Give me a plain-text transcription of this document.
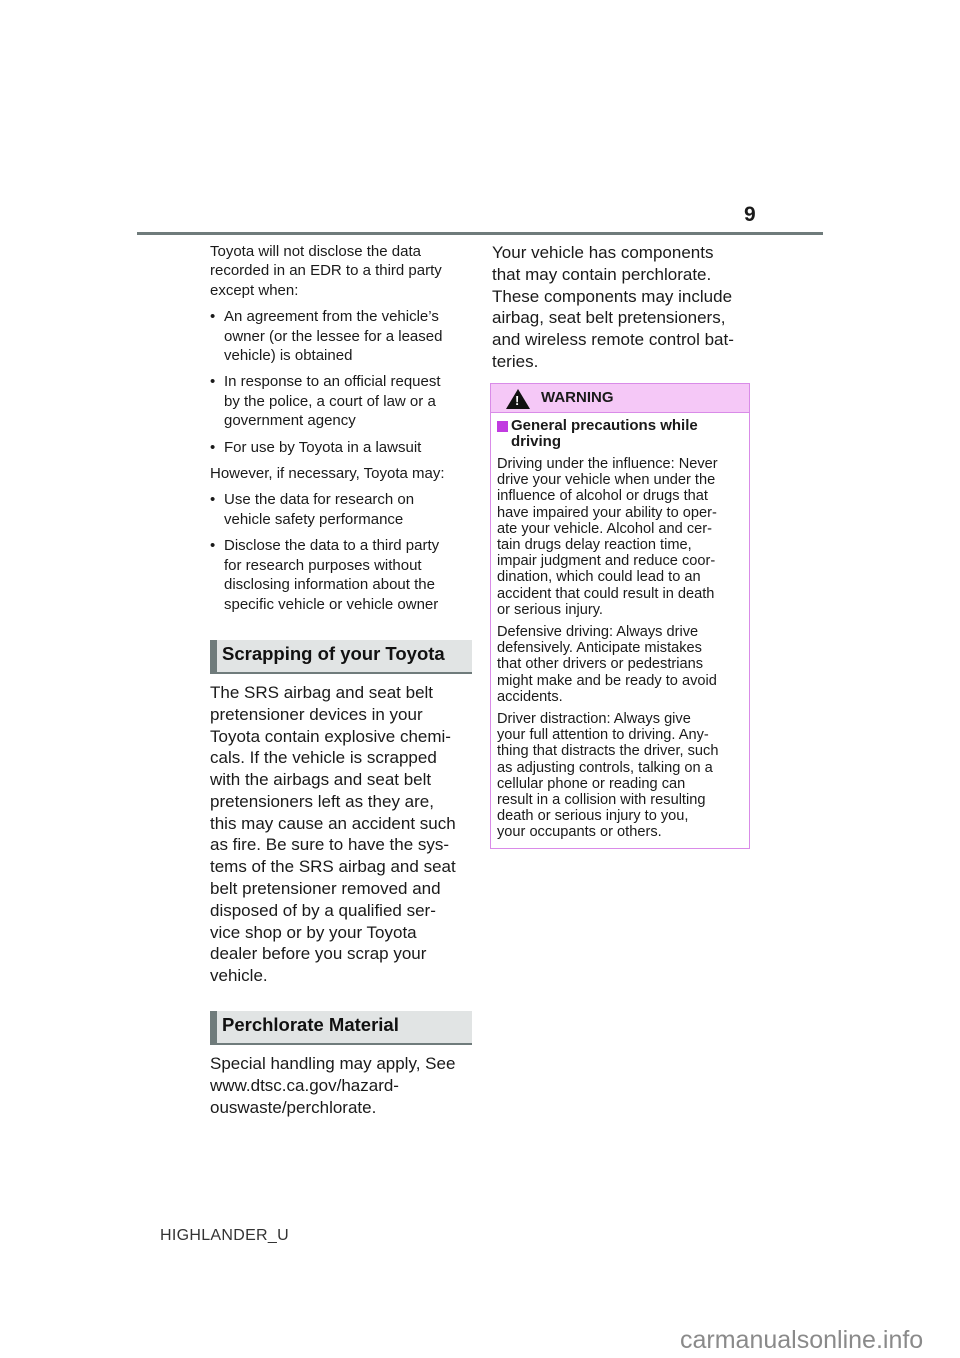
9

Toyota will not disclose the data
recorded in an EDR to a third party
except when:

• An agreement from the vehicle’s
owner (or the lessee for a leased
vehicle) is obtained

• In response to an official request
by the police, a court of law or a
government agency

• For use by Toyota in a lawsuit

However, if necessary, Toyota may:

• Use the data for research on
vehicle safety performance

• Disclose the data to a third party
for research purposes without
disclosing information about the
specific vehicle or vehicle owner

Scrapping of your Toyota

The SRS airbag and seat belt
pretensioner devices in your
Toyota contain explosive chemi-
cals. If the vehicle is scrapped
with the airbags and seat belt
pretensioners left as they are,
this may cause an accident such
as fire. Be sure to have the sys-
tems of the SRS airbag and seat
belt pretensioner removed and
disposed of by a qualified ser-
vice shop or by your Toyota
dealer before you scrap your
vehicle.

Perchlorate Material

Special handling may apply, See
www.dtsc.ca.gov/hazard-
ouswaste/perchlorate.

Your vehicle has components
that may contain perchlorate.
These components may include
airbag, seat belt pretensioners,
and wireless remote control bat-
teries.

!
WARNING
General precautions while
driving

Driving under the influence: Never
drive your vehicle when under the
influence of alcohol or drugs that
have impaired your ability to oper-
ate your vehicle. Alcohol and cer-
tain drugs delay reaction time,
impair judgment and reduce coor-
dination, which could lead to an
accident that could result in death
or serious injury.

Defensive driving: Always drive
defensively. Anticipate mistakes
that other drivers or pedestrians
might make and be ready to avoid
accidents.

Driver distraction: Always give
your full attention to driving. Any-
thing that distracts the driver, such
as adjusting controls, talking on a
cellular phone or reading can
result in a collision with resulting
death or serious injury to you,
your occupants or others.

HIGHLANDER_U
carmanualsonline.info
